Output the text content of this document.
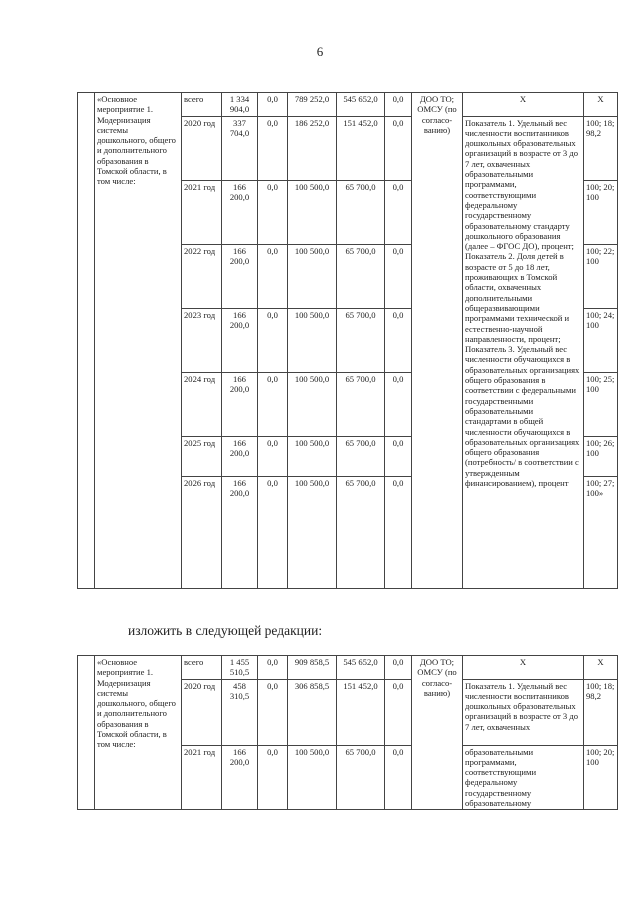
6
	«Основное мероприятие 1. Модернизация системы дошкольного, общего и дополнительного образования в Томской области, в том числе:	всего	1 334 904,0	0,0	789 252,0	545 652,0	0,0	ДОО ТО; ОМСУ (по согласо-ванию)	Х	Х
		2020 год	337 704,0	0,0	186 252,0	151 452,0	0,0		Показатель 1. Удельный вес численности воспитанников дошкольных образовательных организаций в возрасте от 3 до 7 лет, охваченных образовательными программами, соответствующими федеральному государственному образовательному стандарту дошкольного образования (далее – ФГОС ДО), процент; Показатель 2. Доля детей в возрасте от 5 до 18 лет, проживающих в Томской области, охваченных дополнительными общеразвивающими программами технической и естественно-научной направленности, процент; Показатель 3. Удельный вес численности обучающихся в образовательных организациях общего образования в соответствии с федеральными государственными образовательными стандартами в общей численности обучающихся в образовательных организациях общего образования (потребность/ в соответствии с утвержденным финансированием), процент	100; 18; 98,2
		2021 год	166 200,0	0,0	100 500,0	65 700,0	0,0			100; 20; 100
		2022 год	166 200,0	0,0	100 500,0	65 700,0	0,0			100; 22; 100
		2023 год	166 200,0	0,0	100 500,0	65 700,0	0,0			100; 24; 100
		2024 год	166 200,0	0,0	100 500,0	65 700,0	0,0			100; 25; 100
		2025 год	166 200,0	0,0	100 500,0	65 700,0	0,0			100; 26; 100
		2026 год	166 200,0	0,0	100 500,0	65 700,0	0,0			100; 27; 100»
изложить в следующей редакции:
	«Основное мероприятие 1. Модернизация системы дошкольного, общего и дополнительного образования в Томской области, в том числе:	всего	1 455 510,5	0,0	909 858,5	545 652,0	0,0	ДОО ТО; ОМСУ (по согласо-ванию)	Х	Х
		2020 год	458 310,5	0,0	306 858,5	151 452,0	0,0		Показатель 1. Удельный вес численности воспитанников дошкольных образовательных организаций в возрасте от 3 до 7 лет, охваченных	100; 18; 98,2
		2021 год	166 200,0	0,0	100 500,0	65 700,0	0,0		образовательными программами, соответствующими федеральному государственному образовательному	100; 20; 100
